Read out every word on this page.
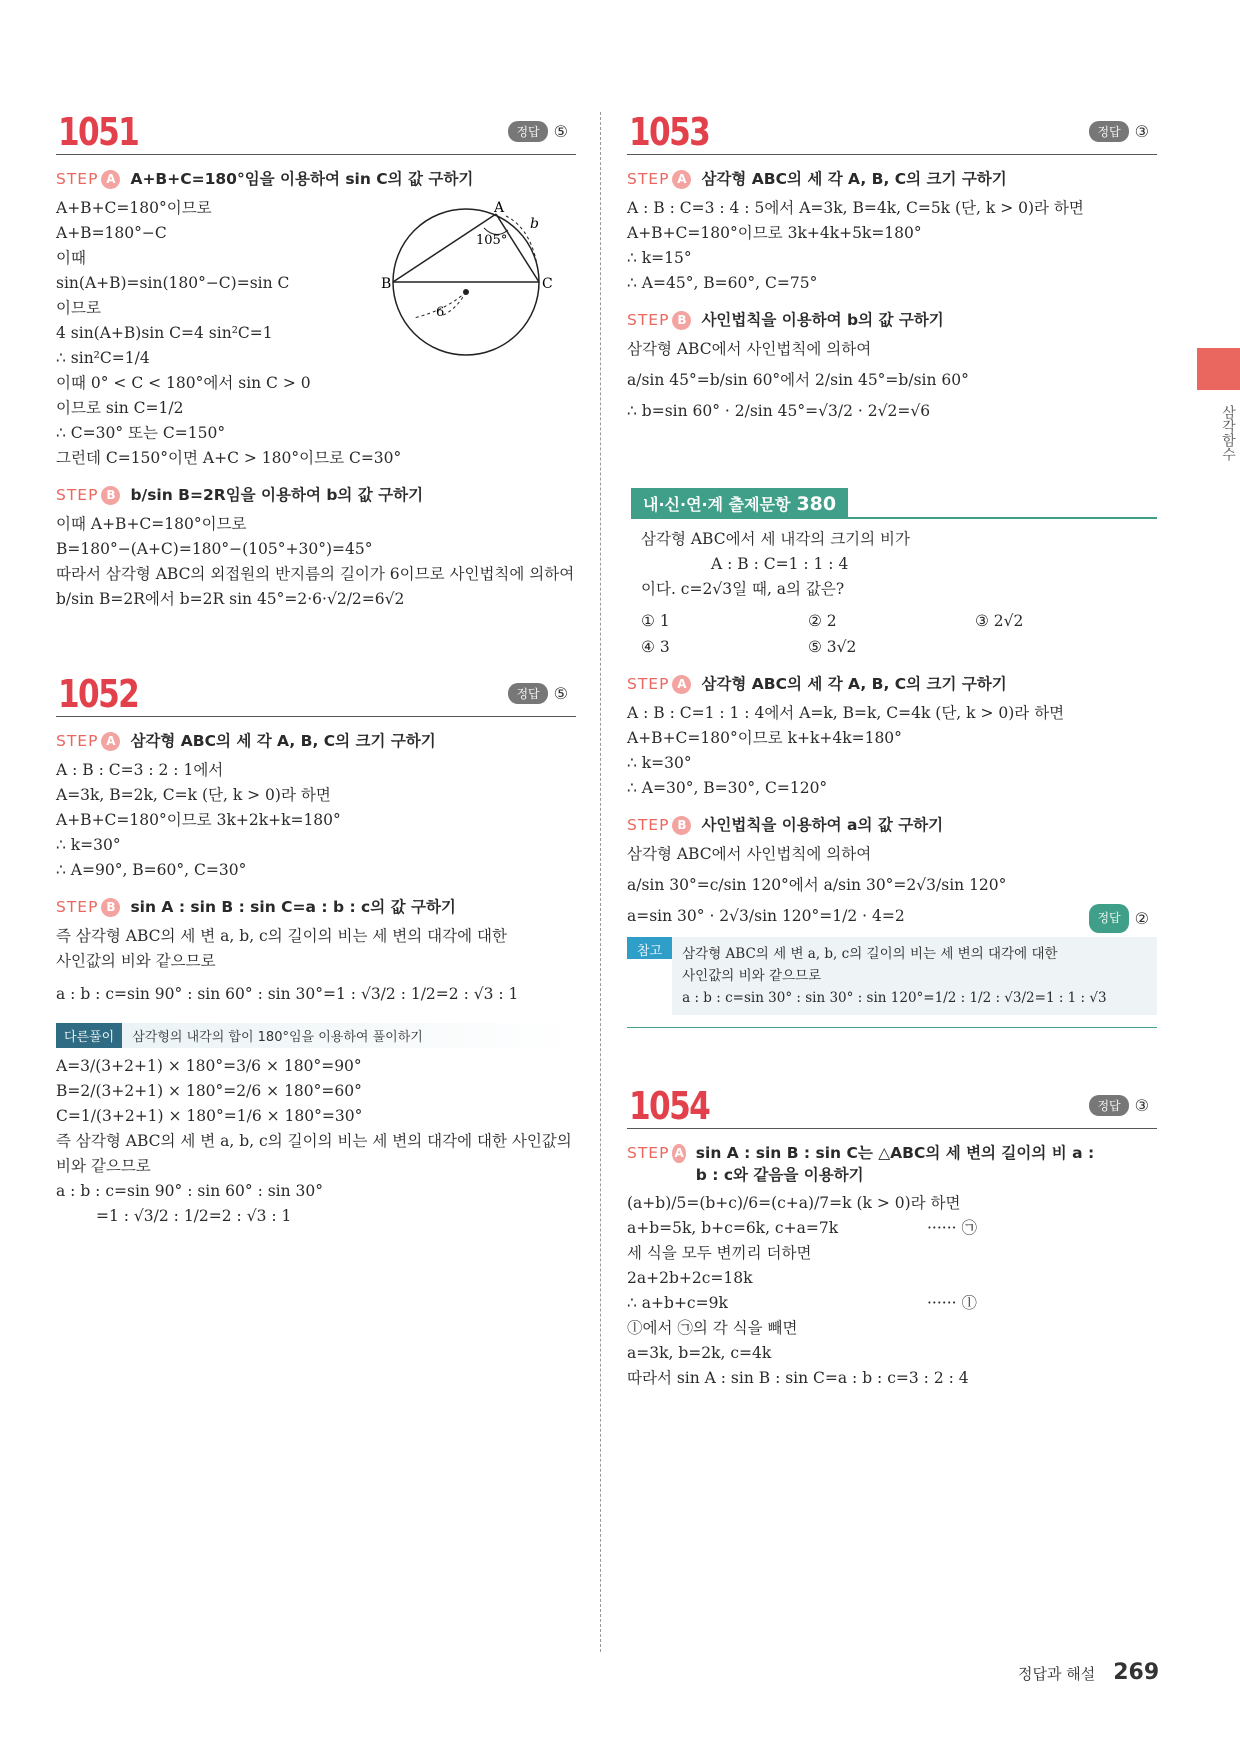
1051	정답 ⑤
A
B	C
b
105°
6
STEP A A+B+C=180°임을 이용하여 sin C의 값 구하기
A+B+C=180°이므로
A+B=180°−C
이때
sin(A+B)=sin(180°−C)=sin C
이므로
4 sin(A+B)sin C=4 sin²C=1
∴ sin²C=1/4
이때 0° < C < 180°에서 sin C > 0
이므로 sin C=1/2
∴ C=30° 또는 C=150°
그런데 C=150°이면 A+C > 180°이므로 C=30°
STEP B b/sin B=2R임을 이용하여 b의 값 구하기
이때 A+B+C=180°이므로
B=180°−(A+C)=180°−(105°+30°)=45°
따라서 삼각형 ABC의 외접원의 반지름의 길이가 6이므로 사인법칙에 의하여
b/sin B=2R에서 b=2R sin 45°=2·6·√2/2=6√2
1052	정답 ⑤
STEP A 삼각형 ABC의 세 각 A, B, C의 크기 구하기
A : B : C=3 : 2 : 1에서
A=3k, B=2k, C=k (단, k > 0)라 하면
A+B+C=180°이므로 3k+2k+k=180°
∴ k=30°
∴ A=90°, B=60°, C=30°
STEP B sin A : sin B : sin C=a : b : c의 값 구하기
즉 삼각형 ABC의 세 변 a, b, c의 길이의 비는 세 변의 대각에 대한
사인값의 비와 같으므로
a : b : c=sin 90° : sin 60° : sin 30°=1 : √3/2 : 1/2=2 : √3 : 1
다른풀이	삼각형의 내각의 합이 180°임을 이용하여 풀이하기
A=3/(3+2+1) × 180°=3/6 × 180°=90°
B=2/(3+2+1) × 180°=2/6 × 180°=60°
C=1/(3+2+1) × 180°=1/6 × 180°=30°
즉 삼각형 ABC의 세 변 a, b, c의 길이의 비는 세 변의 대각에 대한 사인값의
비와 같으므로
a : b : c=sin 90° : sin 60° : sin 30°
=1 : √3/2 : 1/2=2 : √3 : 1
1053	정답 ③
STEP A 삼각형 ABC의 세 각 A, B, C의 크기 구하기
A : B : C=3 : 4 : 5에서 A=3k, B=4k, C=5k (단, k > 0)라 하면
A+B+C=180°이므로 3k+4k+5k=180°
∴ k=15°
∴ A=45°, B=60°, C=75°
STEP B 사인법칙을 이용하여 b의 값 구하기
삼각형 ABC에서 사인법칙에 의하여
a/sin 45°=b/sin 60°에서 2/sin 45°=b/sin 60°
∴ b=sin 60° · 2/sin 45°=√3/2 · 2√2=√6
내·신·연·계 출제문항 380
삼각형 ABC에서 세 내각의 크기의 비가
A : B : C=1 : 1 : 4
이다. c=2√3일 때, a의 값은?
① 1	② 2	③ 2√2
④ 3	⑤ 3√2
STEP A 삼각형 ABC의 세 각 A, B, C의 크기 구하기
A : B : C=1 : 1 : 4에서 A=k, B=k, C=4k (단, k > 0)라 하면
A+B+C=180°이므로 k+k+4k=180°
∴ k=30°
∴ A=30°, B=30°, C=120°
STEP B 사인법칙을 이용하여 a의 값 구하기
삼각형 ABC에서 사인법칙에 의하여
a/sin 30°=c/sin 120°에서 a/sin 30°=2√3/sin 120°
a=sin 30° · 2√3/sin 120°=1/2 · 4=2	정답 ②
참고	삼각형 ABC의 세 변 a, b, c의 길이의 비는 세 변의 대각에 대한
사인값의 비와 같으므로
a : b : c=sin 30° : sin 30° : sin 120°=1/2 : 1/2 : √3/2=1 : 1 : √3
1054	정답 ③
STEP A sin A : sin B : sin C는 △ABC의 세 변의 길이의 비 a : b : c와 같음을 이용하기
(a+b)/5=(b+c)/6=(c+a)/7=k (k > 0)라 하면
a+b=5k, b+c=6k, c+a=7k	······ ㉠
세 식을 모두 변끼리 더하면
2a+2b+2c=18k
∴ a+b+c=9k	······ ⓛ
ⓛ에서 ㉠의 각 식을 빼면
a=3k, b=2k, c=4k
따라서 sin A : sin B : sin C=a : b : c=3 : 2 : 4
삼각함수
정답과 해설 269
